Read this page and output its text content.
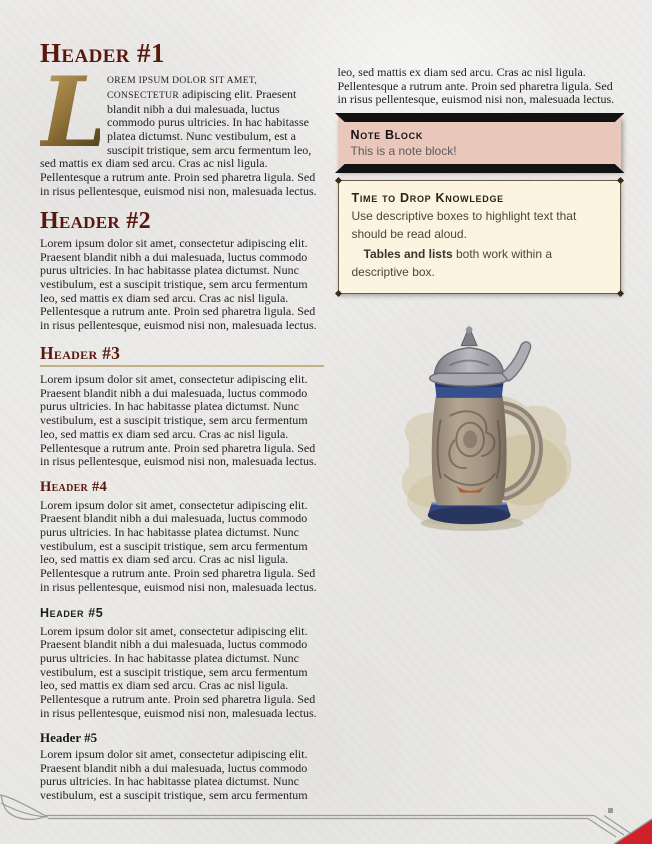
Header #1

L OREM IPSUM DOLOR SIT AMET, CONSECTETUR adipiscing elit. Praesent blandit nibh a dui malesuada, luctus commodo purus ultricies. In hac habitasse platea dictumst. Nunc vestibulum, est a suscipit tristique, sem arcu fermentum leo, sed mattis ex diam sed arcu. Cras ac nisl ligula. Pellentesque a rutrum ante. Proin sed pharetra ligula. Sed in risus pellentesque, euismod nisi non, malesuada lectus.

Header #2

Lorem ipsum dolor sit amet, consectetur adipiscing elit. Praesent blandit nibh a dui malesuada, luctus commodo purus ultricies. In hac habitasse platea dictumst. Nunc vestibulum, est a suscipit tristique, sem arcu fermentum leo, sed mattis ex diam sed arcu. Cras ac nisl ligula. Pellentesque a rutrum ante. Proin sed pharetra ligula. Sed in risus pellentesque, euismod nisi non, malesuada lectus.

Header #3

Lorem ipsum dolor sit amet, consectetur adipiscing elit. Praesent blandit nibh a dui malesuada, luctus commodo purus ultricies. In hac habitasse platea dictumst. Nunc vestibulum, est a suscipit tristique, sem arcu fermentum leo, sed mattis ex diam sed arcu. Cras ac nisl ligula. Pellentesque a rutrum ante. Proin sed pharetra ligula. Sed in risus pellentesque, euismod nisi non, malesuada lectus.

Header #4

Lorem ipsum dolor sit amet, consectetur adipiscing elit. Praesent blandit nibh a dui malesuada, luctus commodo purus ultricies. In hac habitasse platea dictumst. Nunc vestibulum, est a suscipit tristique, sem arcu fermentum leo, sed mattis ex diam sed arcu. Cras ac nisl ligula. Pellentesque a rutrum ante. Proin sed pharetra ligula. Sed in risus pellentesque, euismod nisi non, malesuada lectus.

Header #5

Lorem ipsum dolor sit amet, consectetur adipiscing elit. Praesent blandit nibh a dui malesuada, luctus commodo purus ultricies. In hac habitasse platea dictumst. Nunc vestibulum, est a suscipit tristique, sem arcu fermentum leo, sed mattis ex diam sed arcu. Cras ac nisl ligula. Pellentesque a rutrum ante. Proin sed pharetra ligula. Sed in risus pellentesque, euismod nisi non, malesuada lectus.

Header #5

Lorem ipsum dolor sit amet, consectetur adipiscing elit. Praesent blandit nibh a dui malesuada, luctus commodo purus ultricies. In hac habitasse platea dictumst. Nunc vestibulum, est a suscipit tristique, sem arcu fermentum

leo, sed mattis ex diam sed arcu. Cras ac nisl ligula. Pellentesque a rutrum ante. Proin sed pharetra ligula. Sed in risus pellentesque, euismod nisi non, malesuada lectus.

Note Block
This is a note block!
Time to Drop Knowledge
Use descriptive boxes to highlight text that should be read aloud.
Tables and lists both work within a descriptive box.
